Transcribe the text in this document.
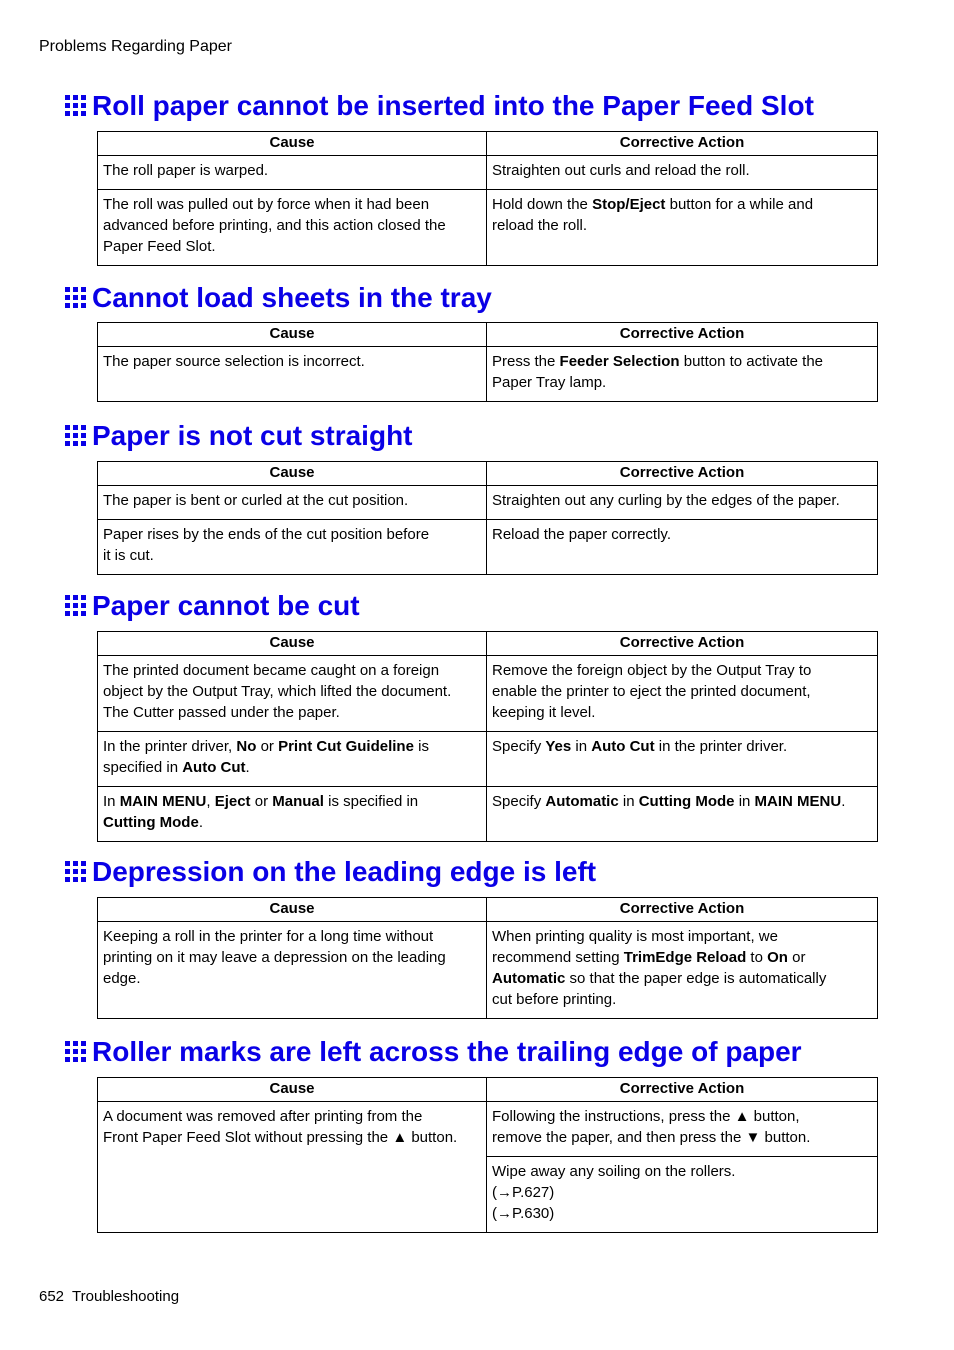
Problems Regarding Paper
Roll paper cannot be inserted into the Paper Feed Slot
Cause	Corrective Action

The roll paper is warped.	Straighten out curls and reload the roll.

The roll was pulled out by force when it had been
advanced before printing, and this action closed the
Paper Feed Slot.	Hold down the Stop/Eject button for a while and
reload the roll.
Cannot load sheets in the tray
Cause	Corrective Action

The paper source selection is incorrect.	Press the Feeder Selection button to activate the
Paper Tray lamp.
Paper is not cut straight
Cause	Corrective Action

The paper is bent or curled at the cut position.	Straighten out any curling by the edges of the paper.

Paper rises by the ends of the cut position before
it is cut.	Reload the paper correctly.
Paper cannot be cut
Cause	Corrective Action

The printed document became caught on a foreign
object by the Output Tray, which lifted the document.
The Cutter passed under the paper.	Remove the foreign object by the Output Tray to
enable the printer to eject the printed document,
keeping it level.

In the printer driver, No or Print Cut Guideline is
specified in Auto Cut.	Specify Yes in Auto Cut in the printer driver.

In MAIN MENU, Eject or Manual is specified in
Cutting Mode.	Specify Automatic in Cutting Mode in MAIN MENU.
Depression on the leading edge is left
Cause	Corrective Action

Keeping a roll in the printer for a long time without
printing on it may leave a depression on the leading
edge.	When printing quality is most important, we
recommend setting TrimEdge Reload to On or
Automatic so that the paper edge is automatically
cut before printing.
Roller marks are left across the trailing edge of paper
Cause	Corrective Action

A document was removed after printing from the
Front Paper Feed Slot without pressing the ▲ button.	Following the instructions, press the ▲ button,
remove the paper, and then press the ▼ button.

	Wipe away any soiling on the rollers.
(→P.627)
(→P.630)
652 Troubleshooting
